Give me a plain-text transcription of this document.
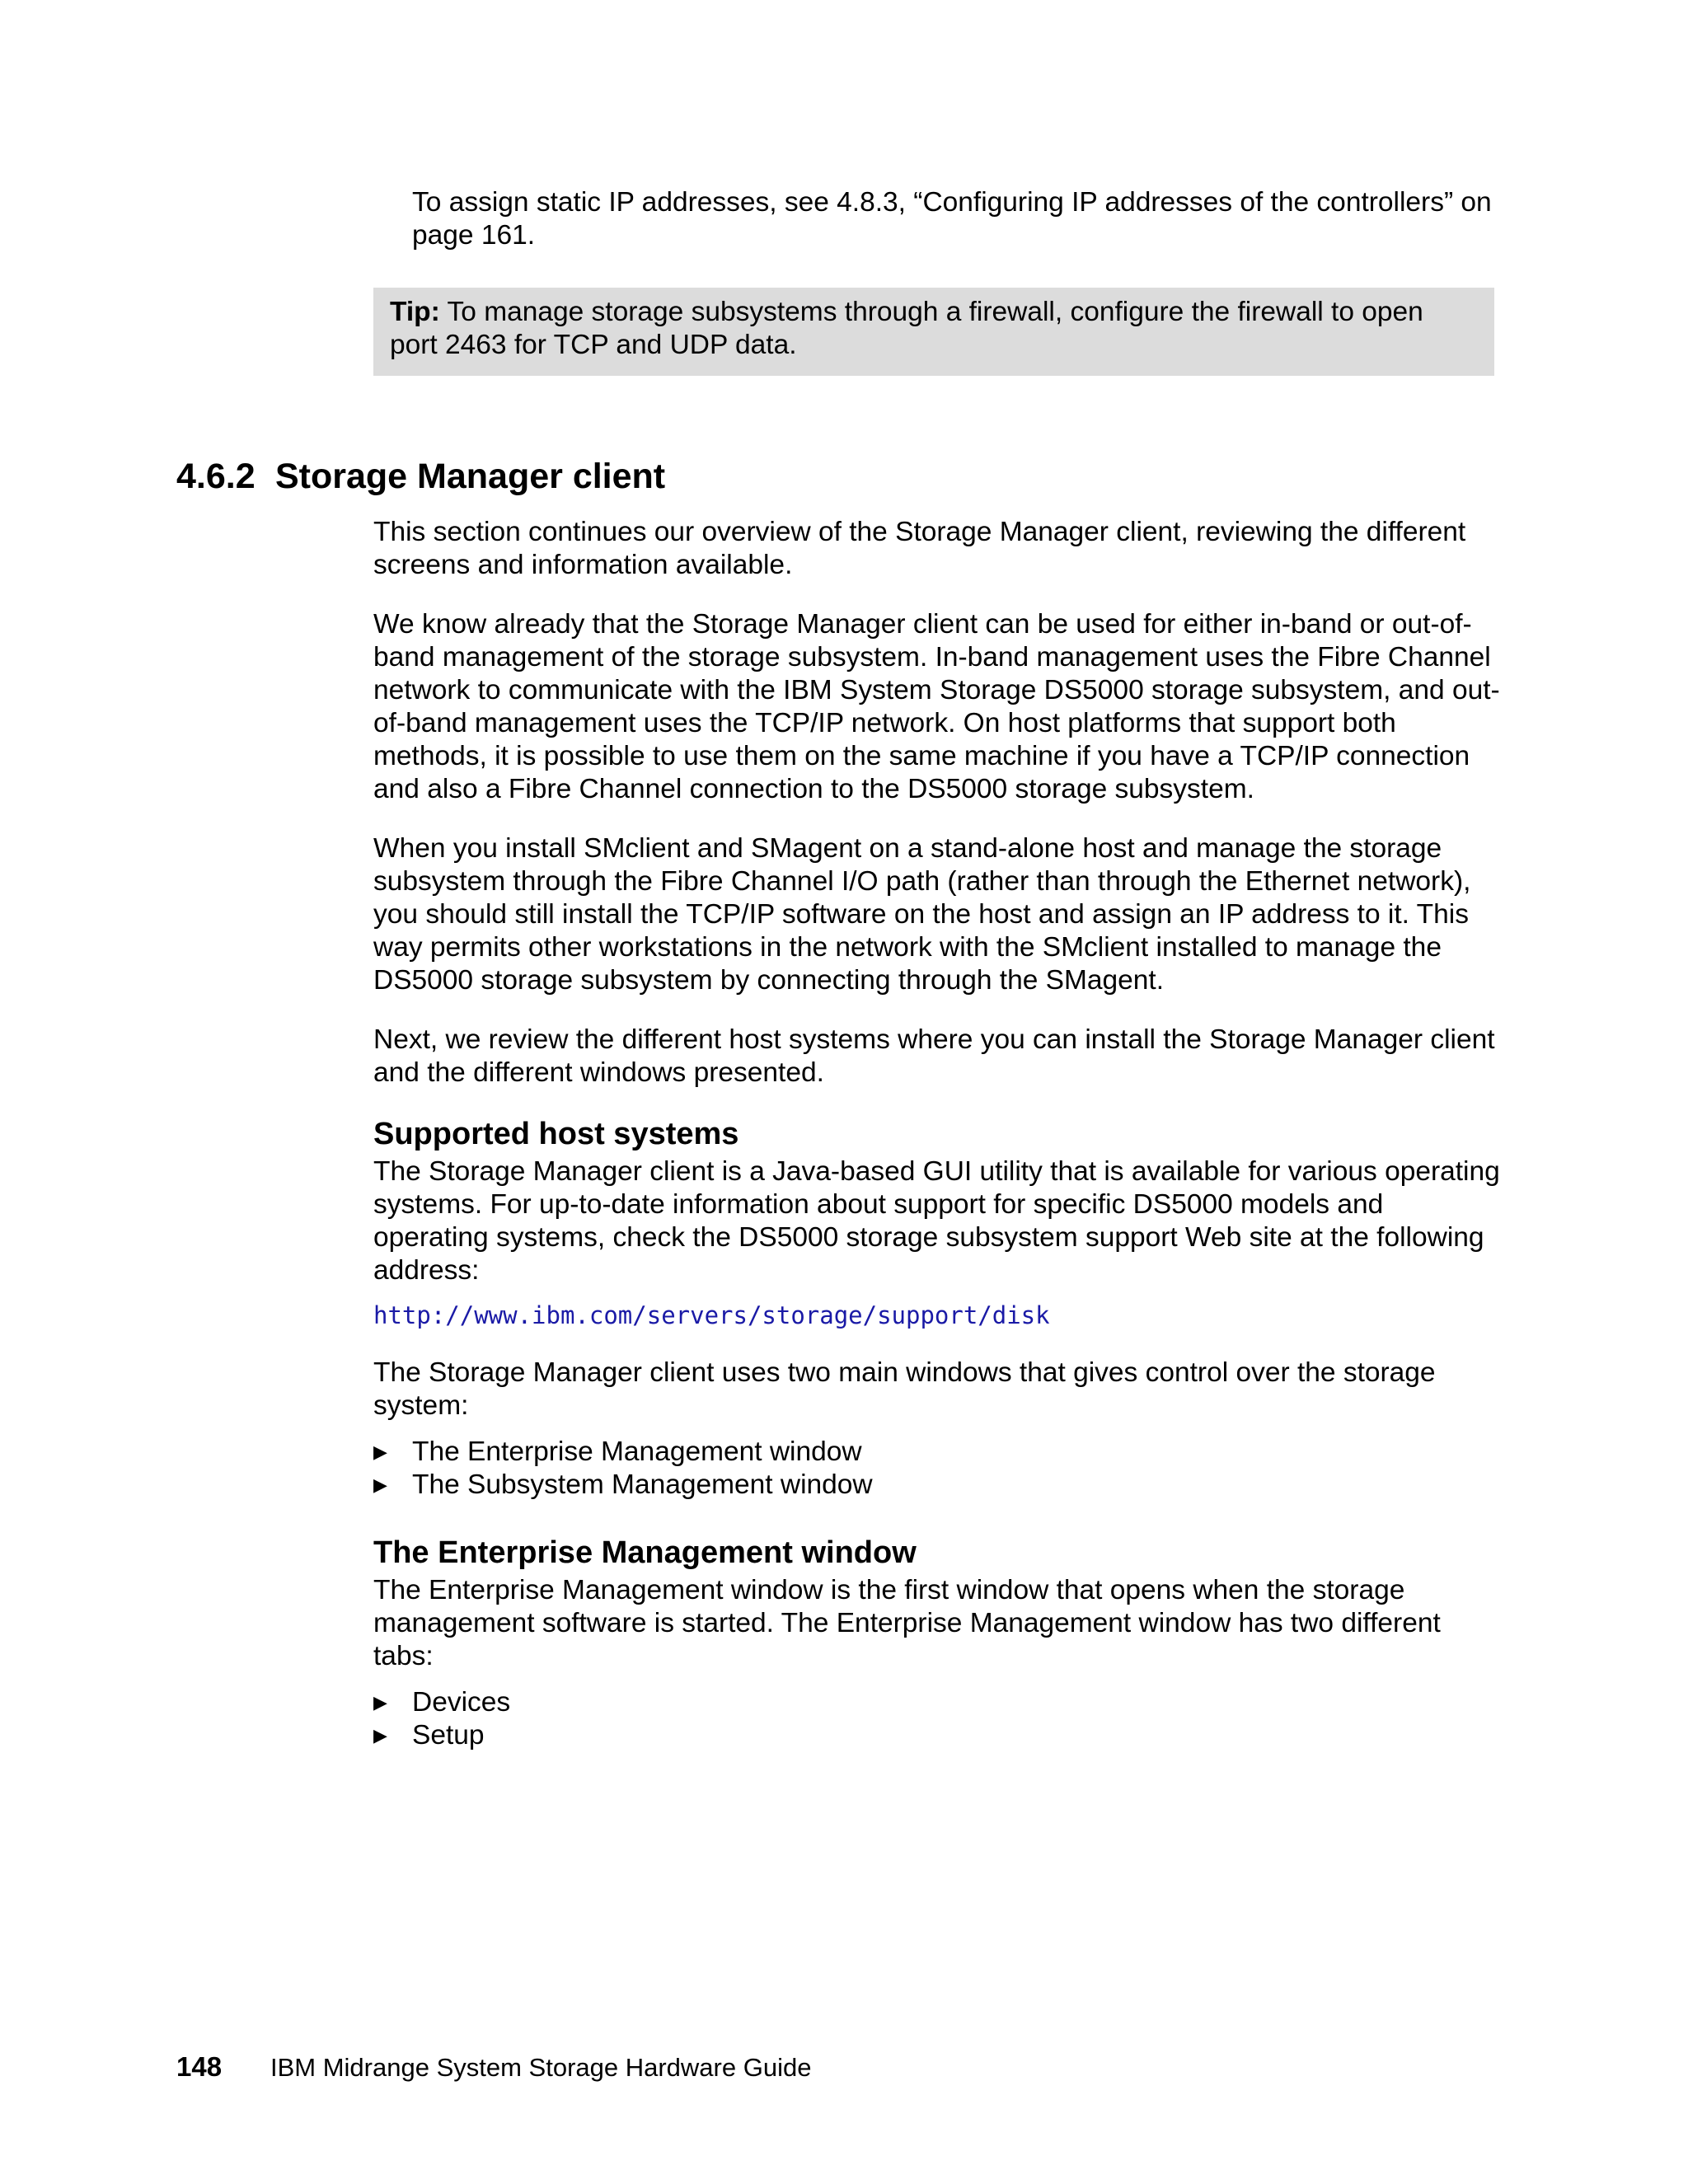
To assign static IP addresses, see 4.8.3, “Configuring IP addresses of the controllers” on page 161.

Tip: To manage storage subsystems through a firewall, configure the firewall to open port 2463 for TCP and UDP data.

4.6.2 Storage Manager client

This section continues our overview of the Storage Manager client, reviewing the different screens and information available.

We know already that the Storage Manager client can be used for either in-band or out-of-band management of the storage subsystem. In-band management uses the Fibre Channel network to communicate with the IBM System Storage DS5000 storage subsystem, and out-of-band management uses the TCP/IP network. On host platforms that support both methods, it is possible to use them on the same machine if you have a TCP/IP connection and also a Fibre Channel connection to the DS5000 storage subsystem.

When you install SMclient and SMagent on a stand-alone host and manage the storage subsystem through the Fibre Channel I/O path (rather than through the Ethernet network), you should still install the TCP/IP software on the host and assign an IP address to it. This way permits other workstations in the network with the SMclient installed to manage the DS5000 storage subsystem by connecting through the SMagent.

Next, we review the different host systems where you can install the Storage Manager client and the different windows presented.

Supported host systems

The Storage Manager client is a Java-based GUI utility that is available for various operating systems. For up-to-date information about support for specific DS5000 models and operating systems, check the DS5000 storage subsystem support Web site at the following address:

http://www.ibm.com/servers/storage/support/disk

The Storage Manager client uses two main windows that gives control over the storage system:

▶ The Enterprise Management window
▶ The Subsystem Management window
The Enterprise Management window

The Enterprise Management window is the first window that opens when the storage management software is started. The Enterprise Management window has two different tabs:

▶ Devices
▶ Setup
148 IBM Midrange System Storage Hardware Guide
